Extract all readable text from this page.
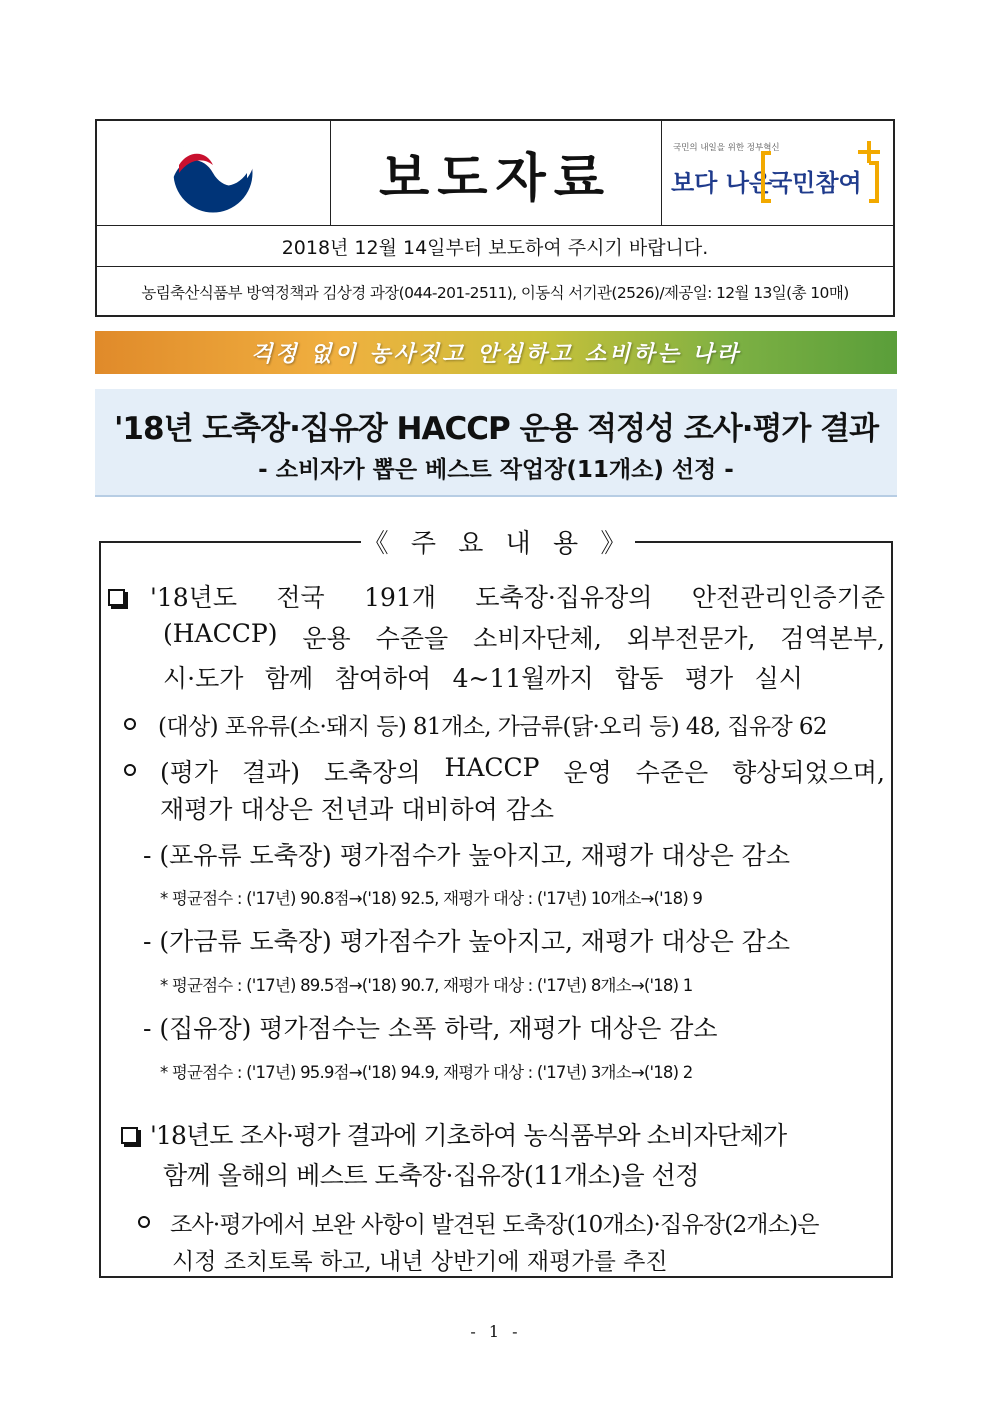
보도자료
국민의 내일을 위한 정부혁신
보다 나은
국민참여
2018년 12월 14일부터 보도하여 주시기 바랍니다.
농림축산식품부 방역정책과 김상경 과장(044-201-2511), 이동식 서기관(2526)/제공일: 12월 13일(총 10매)
걱정 없이 농사짓고 안심하고 소비하는 나라
'18년 도축장·집유장 HACCP 운용 적정성 조사·평가 결과
- 소비자가 뽑은 베스트 작업장(11개소) 선정 -
《 주 요 내 용 》
'18년도 전국 191개 도축장·집유장의 안전관리인증기준
(HACCP) 운용 수준을 소비자단체, 외부전문가, 검역본부,
시·도가 함께 참여하여 4~11월까지 합동 평가 실시
(대상) 포유류(소·돼지 등) 81개소, 가금류(닭·오리 등) 48, 집유장 62
(평가 결과) 도축장의 HACCP 운영 수준은 향상되었으며,
재평가 대상은 전년과 대비하여 감소
- (포유류 도축장) 평가점수가 높아지고, 재평가 대상은 감소
* 평균점수 : ('17년) 90.8점→('18) 92.5, 재평가 대상 : ('17년) 10개소→('18) 9
- (가금류 도축장) 평가점수가 높아지고, 재평가 대상은 감소
* 평균점수 : ('17년) 89.5점→('18) 90.7, 재평가 대상 : ('17년) 8개소→('18) 1
- (집유장) 평가점수는 소폭 하락, 재평가 대상은 감소
* 평균점수 : ('17년) 95.9점→('18) 94.9, 재평가 대상 : ('17년) 3개소→('18) 2
'18년도 조사·평가 결과에 기초하여 농식품부와 소비자단체가
함께 올해의 베스트 도축장·집유장(11개소)을 선정
조사·평가에서 보완 사항이 발견된 도축장(10개소)·집유장(2개소)은
시정 조치토록 하고, 내년 상반기에 재평가를 추진
- 1 -
